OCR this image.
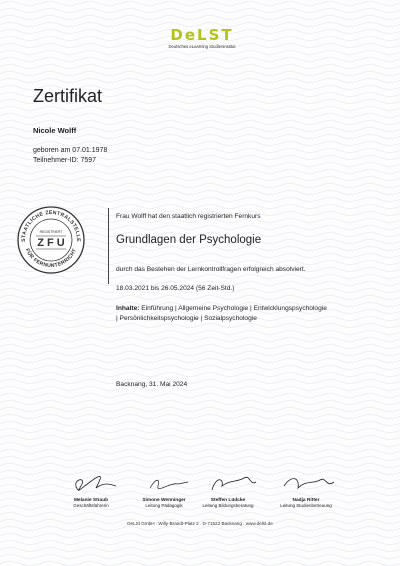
DeLST
Deutsches eLearning Studieninstitut
Zertifikat
Nicole Wolff
geboren am 07.01.1978
Teilnehmer-ID: 7597
STAATLICHE ZENTRALSTELLE
FÜR FERNUNTERRICHT
REGISTRIERT
Z F U
Frau Wolff hat den staatlich registrierten Fernkurs
Grundlagen der Psychologie
durch das Bestehen der Lernkontrollfragen erfolgreich absolviert.
18.03.2021 bis 26.05.2024 (56 Zeit-Std.)
Inhalte: Einführung | Allgemeine Psychologie | Entwicklungspsychologie
| Persönlichkeitspsychologie | Sozialpsychologie
Backnang, 31. Mai 2024
Melanie Straub
Geschäftsführerin
Simone Wenninger
Leitung Pädagogik
Steffen Lüdcke
Leitung Bildungsberatung
Nadja Ritter
Leitung Studienbetreuung
DeLSt GmbH . Willy-Brandt-Platz 2 . D-71522 Backnang . www.delst.de
